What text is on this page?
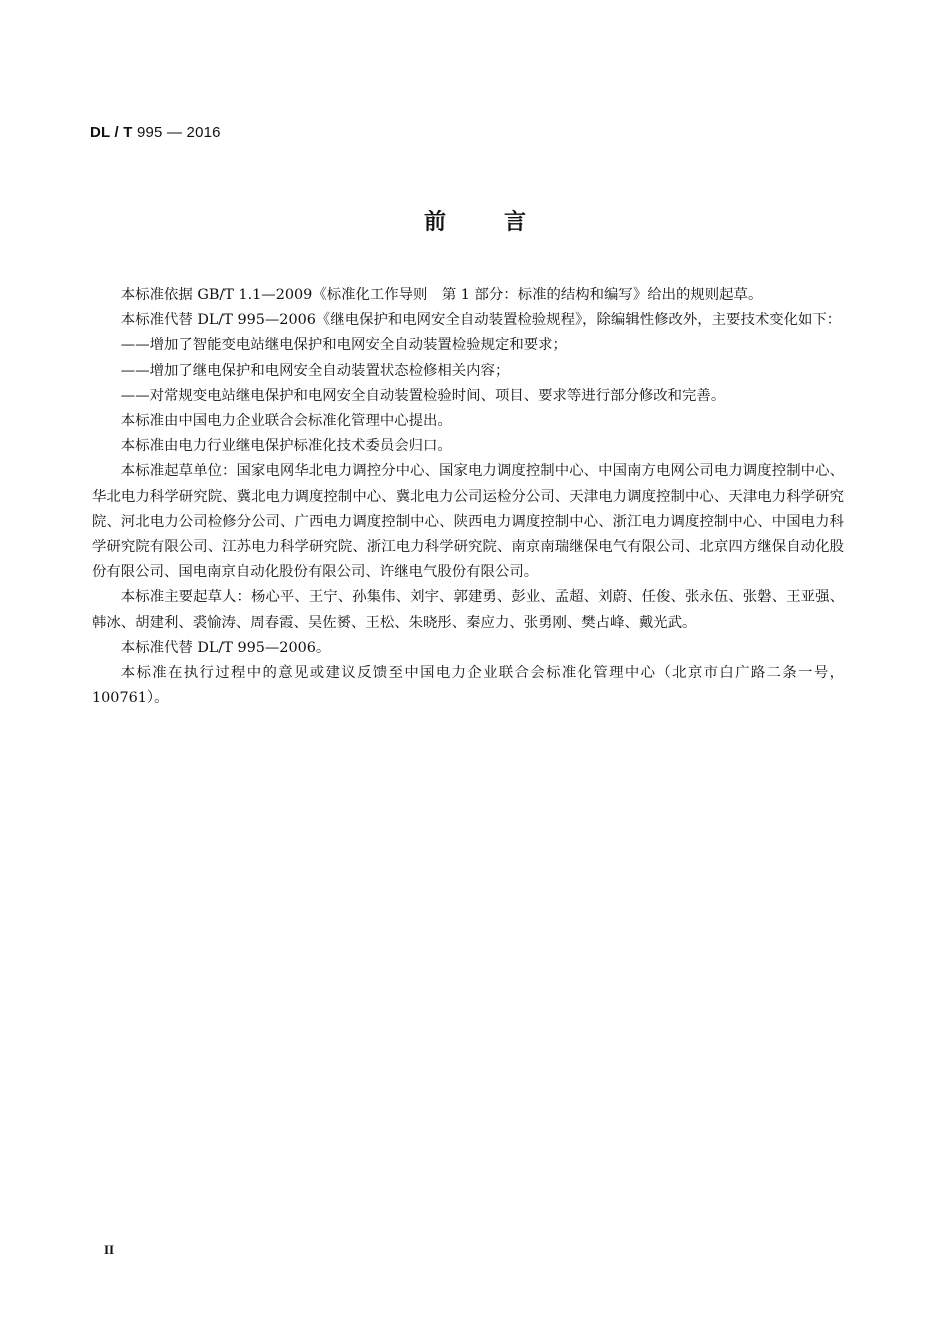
DL / T 995 — 2016
前言

本标准依据 GB/T 1.1—2009《标准化工作导则　第 1 部分：标准的结构和编写》给出的规则起草。

本标准代替 DL/T 995—2006《继电保护和电网安全自动装置检验规程》，除编辑性修改外，主要技术变化如下：

——增加了智能变电站继电保护和电网安全自动装置检验规定和要求；

——增加了继电保护和电网安全自动装置状态检修相关内容；

——对常规变电站继电保护和电网安全自动装置检验时间、项目、要求等进行部分修改和完善。

本标准由中国电力企业联合会标准化管理中心提出。

本标准由电力行业继电保护标准化技术委员会归口。

本标准起草单位：国家电网华北电力调控分中心、国家电力调度控制中心、中国南方电网公司电力调度控制中心、华北电力科学研究院、冀北电力调度控制中心、冀北电力公司运检分公司、天津电力调度控制中心、天津电力科学研究院、河北电力公司检修分公司、广西电力调度控制中心、陕西电力调度控制中心、浙江电力调度控制中心、中国电力科学研究院有限公司、江苏电力科学研究院、浙江电力科学研究院、南京南瑞继保电气有限公司、北京四方继保自动化股份有限公司、国电南京自动化股份有限公司、许继电气股份有限公司。

本标准主要起草人：杨心平、王宁、孙集伟、刘宇、郭建勇、彭业、孟超、刘蔚、任俊、张永伍、张磐、王亚强、韩冰、胡建利、裘愉涛、周春霞、吴佐赟、王松、朱晓彤、秦应力、张勇刚、樊占峰、戴光武。

本标准代替 DL/T 995—2006。

本标准在执行过程中的意见或建议反馈至中国电力企业联合会标准化管理中心（北京市白广路二条一号，100761）。

II
